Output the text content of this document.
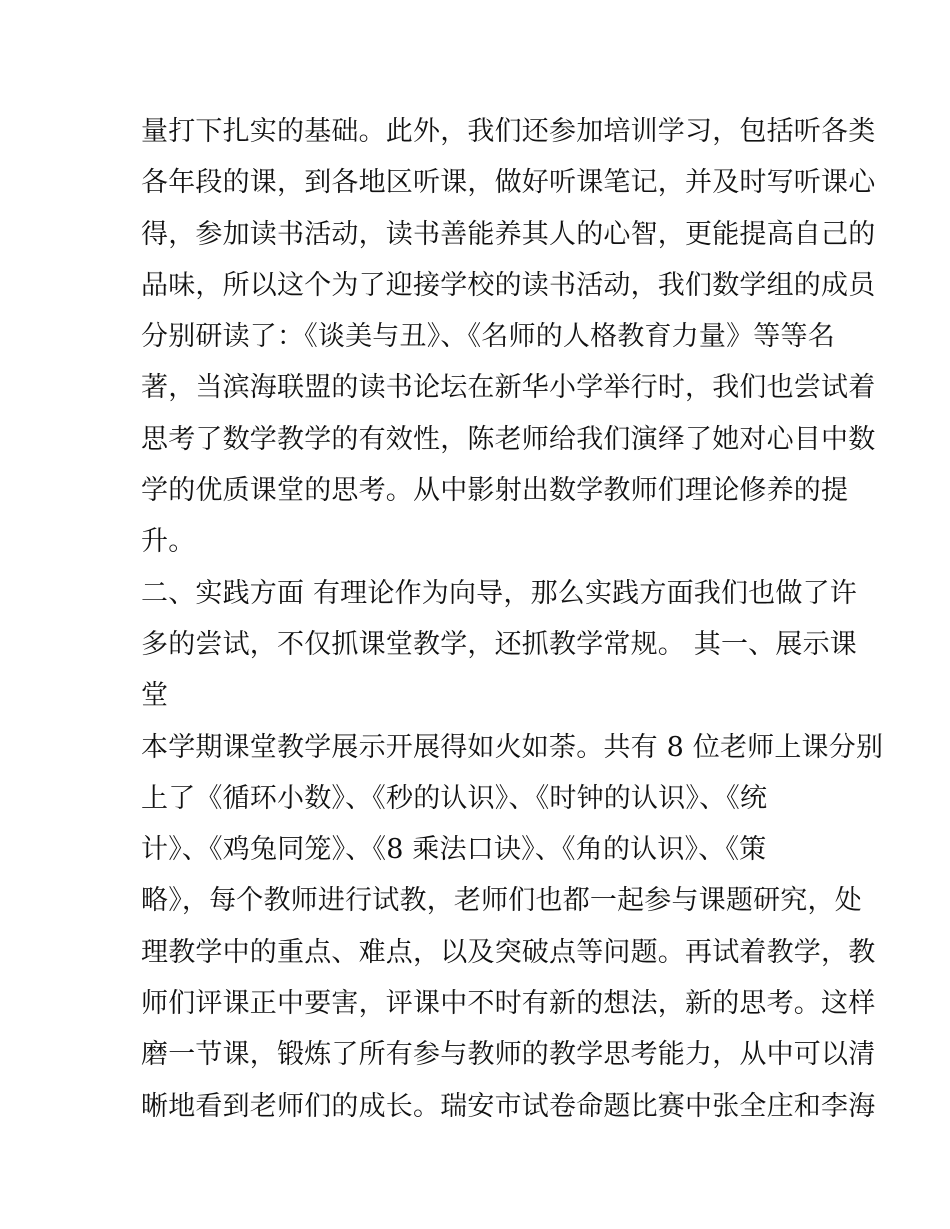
量打下扎实的基础。此外，我们还参加培训学习，包括听各类
各年段的课，到各地区听课，做好听课笔记，并及时写听课心
得，参加读书活动，读书善能养其人的心智，更能提高自己的
品味，所以这个为了迎接学校的读书活动，我们数学组的成员
分别研读了：《谈美与丑》、《名师的人格教育力量》等等名
著，当滨海联盟的读书论坛在新华小学举行时，我们也尝试着
思考了数学教学的有效性，陈老师给我们演绎了她对心目中数
学的优质课堂的思考。从中影射出数学教师们理论修养的提
升。
二、实践方面 有理论作为向导，那么实践方面我们也做了许
多的尝试，不仅抓课堂教学，还抓教学常规。 其一、展示课
堂
本学期课堂教学展示开展得如火如荼。共有 8 位老师上课分别
上了《循环小数》、《秒的认识》、《时钟的认识》、《统
计》、《鸡兔同笼》、《8 乘法口诀》、《角的认识》、《策
略》，每个教师进行试教，老师们也都一起参与课题研究，处
理教学中的重点、难点，以及突破点等问题。再试着教学，教
师们评课正中要害，评课中不时有新的想法，新的思考。这样
磨一节课，锻炼了所有参与教师的教学思考能力，从中可以清
晰地看到老师们的成长。瑞安市试卷命题比赛中张全庄和李海
